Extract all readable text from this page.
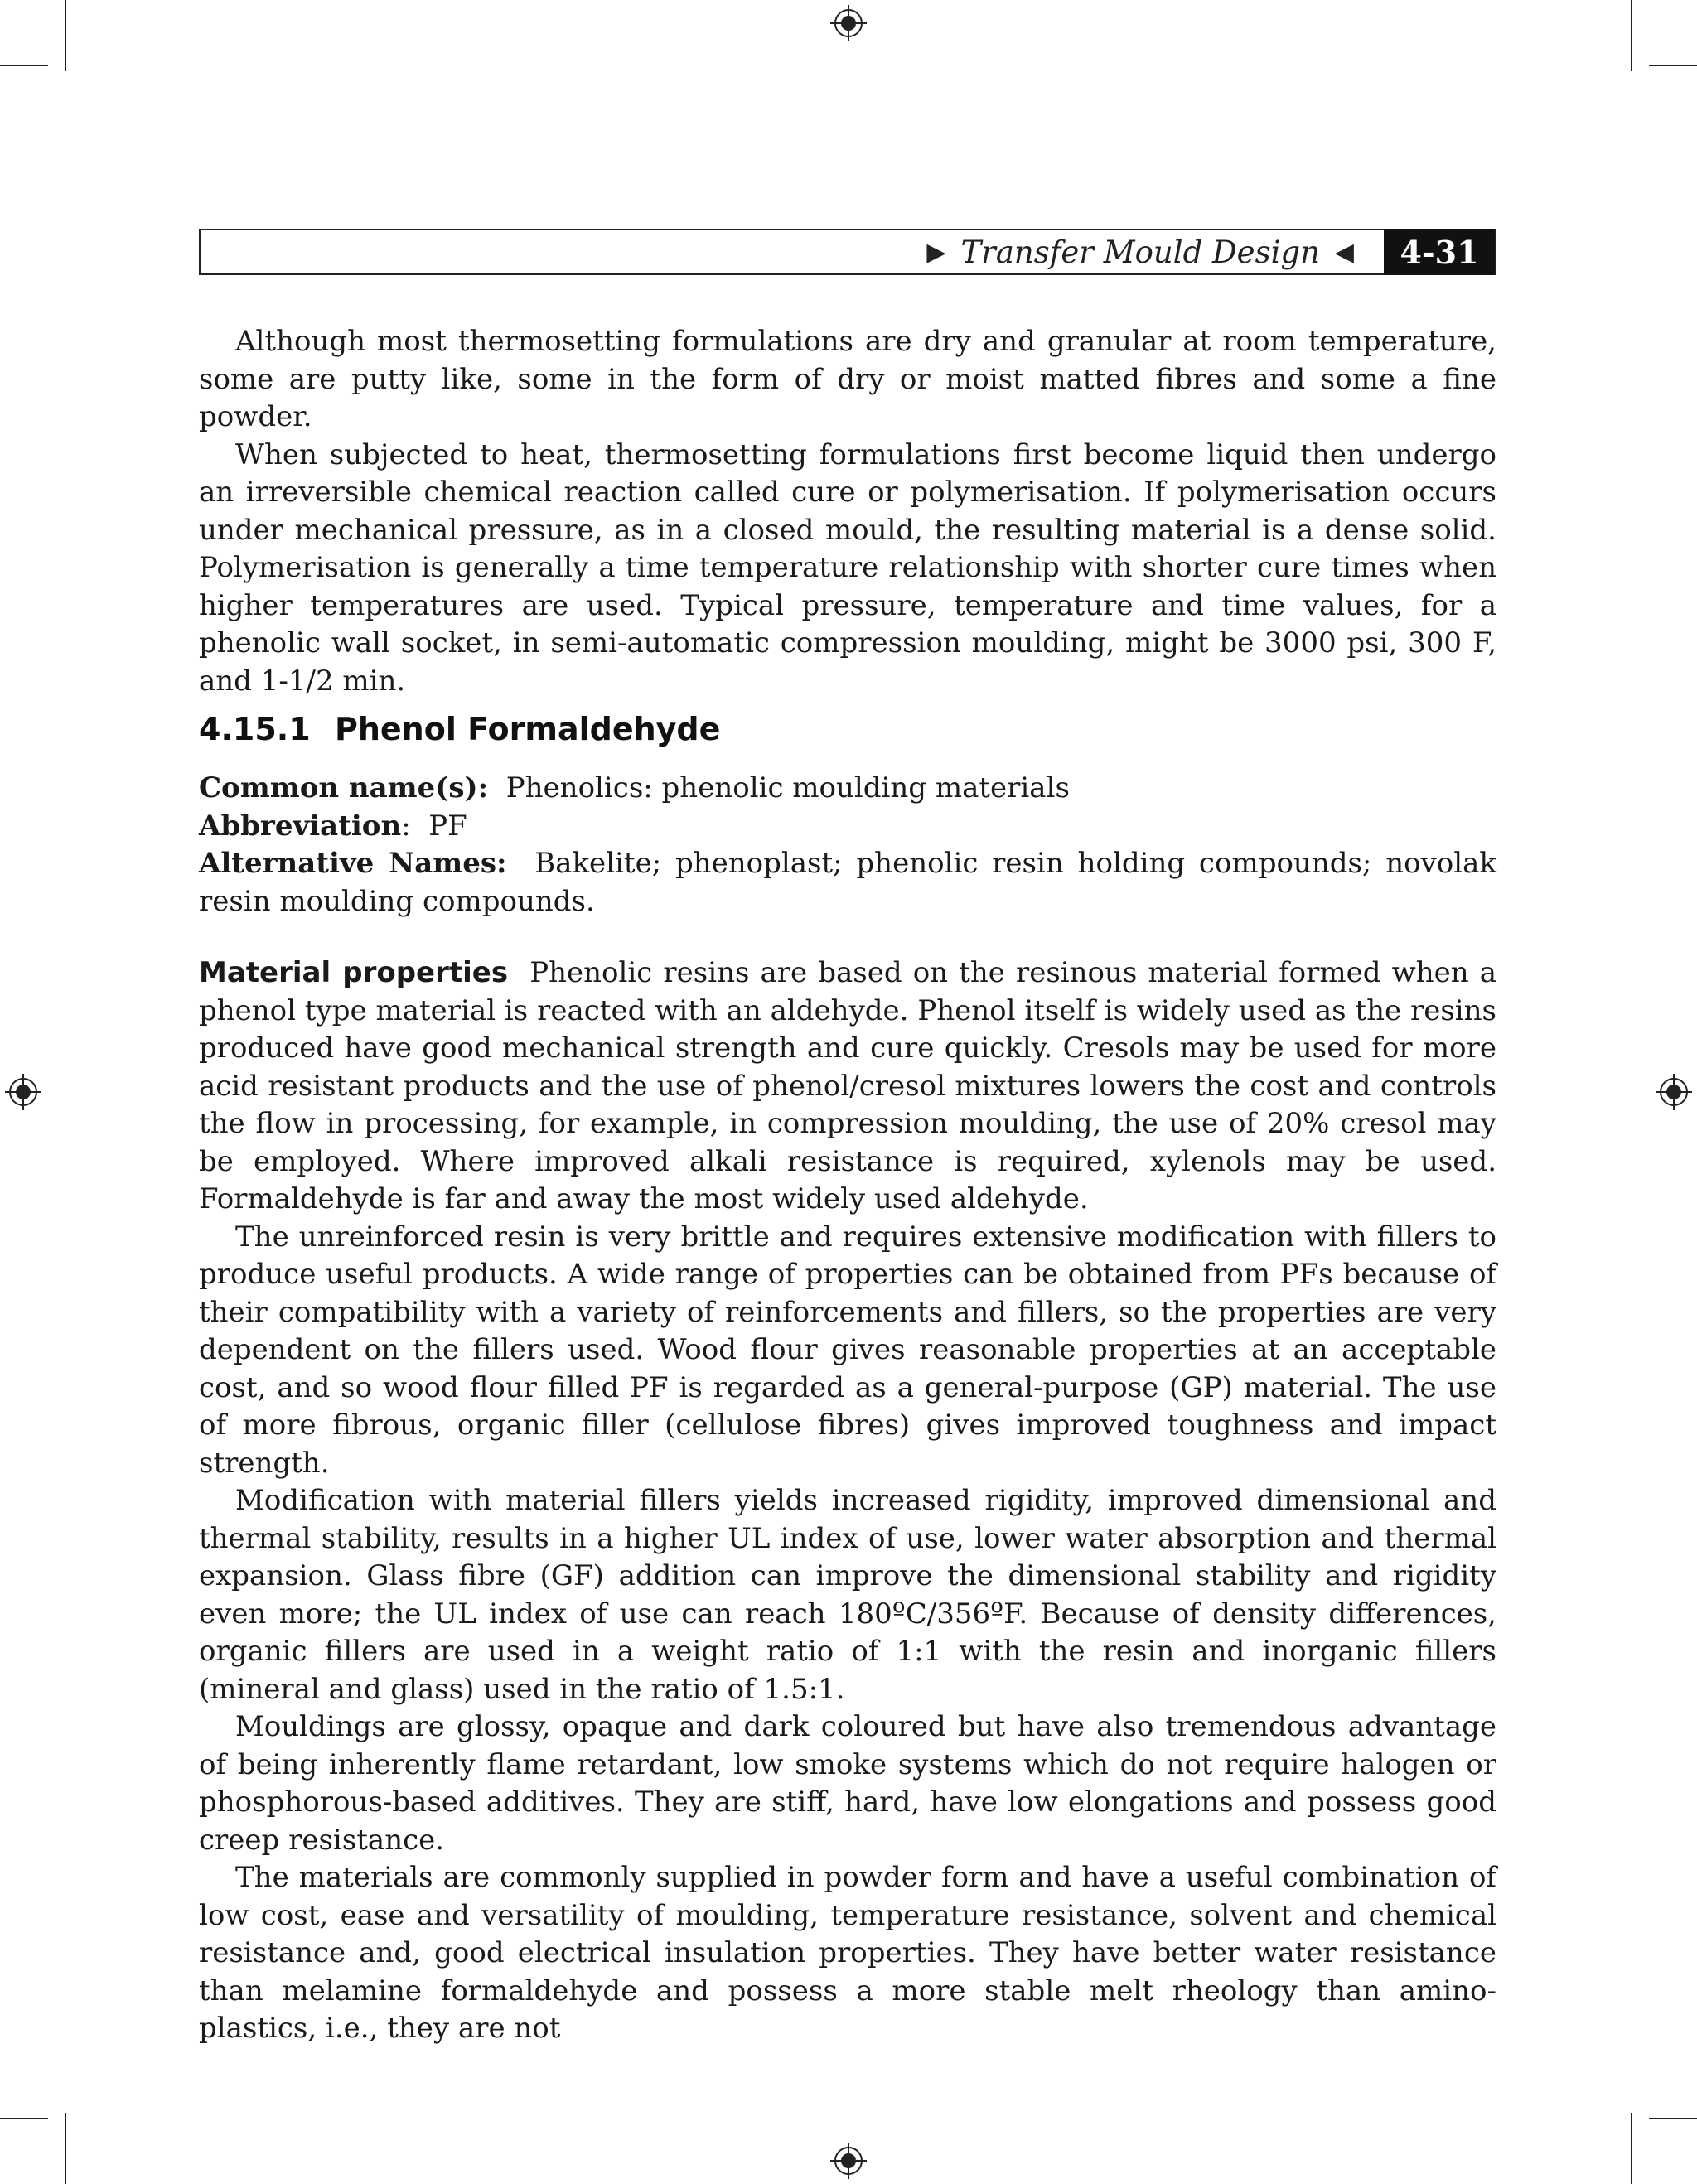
▶ Transfer Mould Design ◀	4-31

Although most thermosetting formulations are dry and granular at room temperature, some are putty like, some in the form of dry or moist matted fibres and some a fine powder.

When subjected to heat, thermosetting formulations first become liquid then undergo an irreversible chemical reaction called cure or polymerisation. If polymerisation occurs under mechanical pressure, as in a closed mould, the resulting material is a dense solid. Polymerisation is generally a time temperature relationship with shorter cure times when higher temperatures are used. Typical pressure, temperature and time values, for a phenolic wall socket, in semi-automatic compression moulding, might be 3000 psi, 300 F, and 1-1/2 min.

4.15.1 Phenol Formaldehyde

Common name(s): Phenolics: phenolic moulding materials

Abbreviation:  PF

Alternative Names: Bakelite; phenoplast; phenolic resin holding compounds; novolak resin moulding compounds.

Material properties Phenolic resins are based on the resinous material formed when a phenol type material is reacted with an aldehyde. Phenol itself is widely used as the resins produced have good mechanical strength and cure quickly. Cresols may be used for more acid resistant products and the use of phenol/cresol mixtures lowers the cost and controls the flow in processing, for example, in compression moulding, the use of 20% cresol may be employed. Where improved alkali resistance is required, xylenols may be used. Formaldehyde is far and away the most widely used aldehyde.

The unreinforced resin is very brittle and requires extensive modification with fillers to produce useful products. A wide range of properties can be obtained from PFs because of their compatibility with a variety of reinforcements and fillers, so the properties are very dependent on the fillers used. Wood flour gives reasonable properties at an acceptable cost, and so wood flour filled PF is regarded as a general-purpose (GP) material. The use of more fibrous, organic filler (cellulose fibres) gives improved toughness and impact strength.

Modification with material fillers yields increased rigidity, improved dimensional and thermal stability, results in a higher UL index of use, lower water absorption and thermal expansion. Glass fibre (GF) addition can improve the dimensional stability and rigidity even more; the UL index of use can reach 180ºC/356ºF. Because of density differences, organic fillers are used in a weight ratio of 1:1 with the resin and inorganic fillers (mineral and glass) used in the ratio of 1.5:1.

Mouldings are glossy, opaque and dark coloured but have also tremendous advantage of being inherently flame retardant, low smoke systems which do not require halogen or phosphorous-based additives. They are stiff, hard, have low elongations and possess good creep resistance.

The materials are commonly supplied in powder form and have a useful combination of low cost, ease and versatility of moulding, temperature resistance, solvent and chemical resistance and, good electrical insulation properties. They have better water resistance than melamine formaldehyde and possess a more stable melt rheology than amino-plastics, i.e., they are not
